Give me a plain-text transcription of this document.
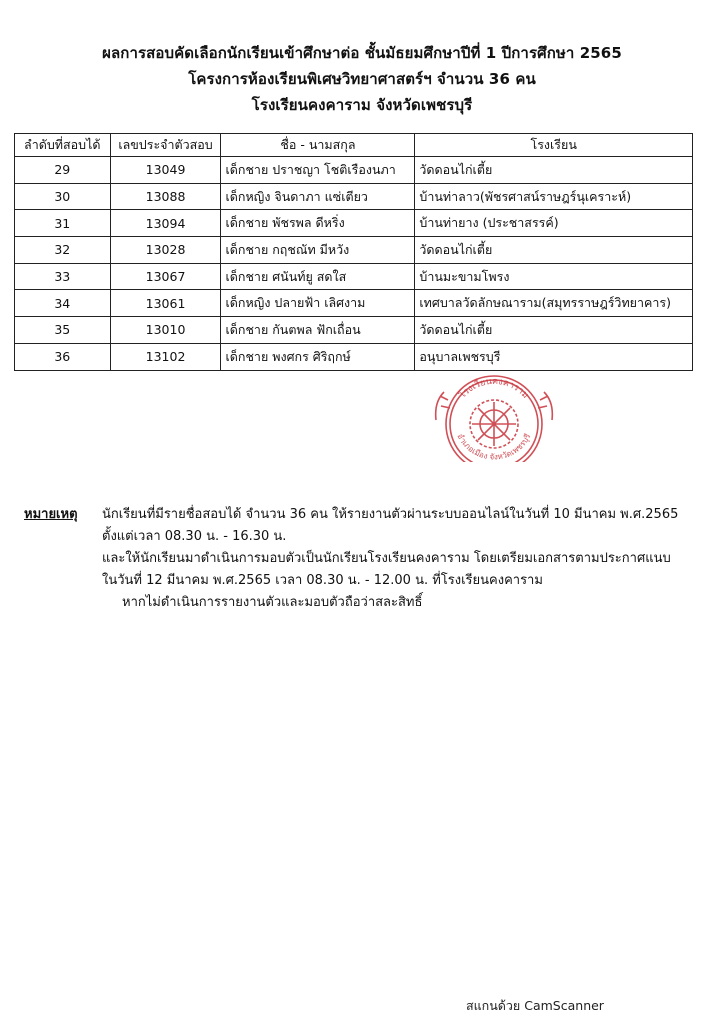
ผลการสอบคัดเลือกนักเรียนเข้าศึกษาต่อ ชั้นมัธยมศึกษาปีที่ 1 ปีการศึกษา 2565
โครงการห้องเรียนพิเศษวิทยาศาสตร์ฯ จำนวน 36 คน
โรงเรียนคงคาราม จังหวัดเพชรบุรี
ลำดับที่สอบได้	เลขประจำตัวสอบ	ชื่อ - นามสกุล	โรงเรียน
29	13049	เด็กชาย ปราชญา โชติเรืองนภา	วัดดอนไก่เตี้ย
30	13088	เด็กหญิง จินดาภา แซ่เตียว	บ้านท่าลาว(พัชรศาสน์ราษฎร์นุเคราะห์)
31	13094	เด็กชาย พัชรพล ดีหริ่ง	บ้านท่ายาง (ประชาสรรค์)
32	13028	เด็กชาย กฤชณัท มีหวัง	วัดดอนไก่เตี้ย
33	13067	เด็กชาย ศนันท์ยู สดใส	บ้านมะขามโพรง
34	13061	เด็กหญิง ปลายฟ้า เลิศงาม	เทศบาลวัดลักษณาราม(สมุทรราษฎร์วิทยาคาร)
35	13010	เด็กชาย กันตพล ฟักเถื่อน	วัดดอนไก่เตี้ย
36	13102	เด็กชาย พงศกร ศิริฤกษ์	อนุบาลเพชรบุรี
โรงเรียนคงคาราม
อำเภอเมือง จังหวัดเพชรบุรี
หมายเหตุ นักเรียนที่มีรายชื่อสอบได้ จำนวน 36 คน ให้รายงานตัวผ่านระบบออนไลน์ในวันที่ 10 มีนาคม พ.ศ.2565
ตั้งแต่เวลา 08.30 น. - 16.30 น.
และให้นักเรียนมาดำเนินการมอบตัวเป็นนักเรียนโรงเรียนคงคาราม โดยเตรียมเอกสารตามประกาศแนบ
ในวันที่ 12 มีนาคม พ.ศ.2565 เวลา 08.30 น. - 12.00 น. ที่โรงเรียนคงคาราม
หากไม่ดำเนินการรายงานตัวและมอบตัวถือว่าสละสิทธิ์
สแกนด้วย CamScanner
